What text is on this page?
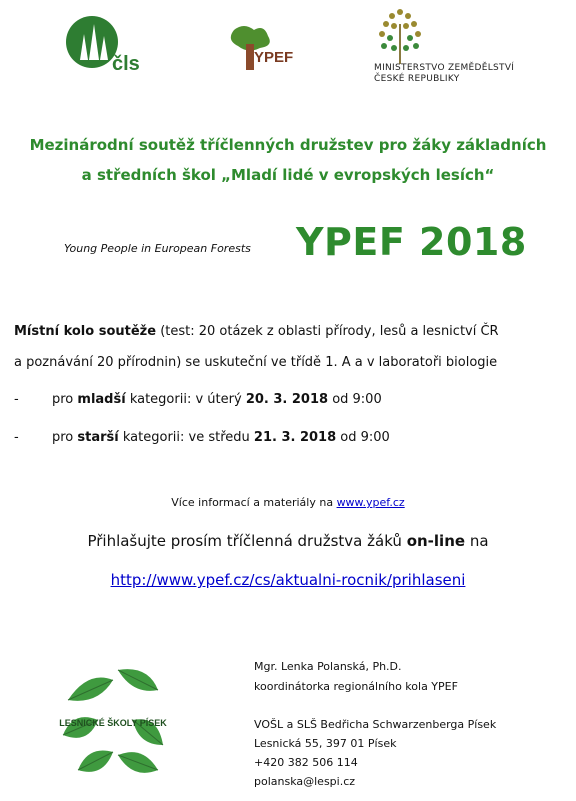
čls	YPEF
MINISTERSTVO ZEMĚDĚLSTVÍ
ČESKÉ REPUBLIKY
Mezinárodní soutěž tříčlenných družstev pro žáky základních
a středních škol „Mladí lidé v evropských lesích“
Young People in European Forests YPEF 2018
Místní kolo soutěže (test: 20 otázek z oblasti přírody, lesů a lesnictví ČR
a poznávání 20 přírodnin) se uskuteční ve třídě 1. A a v laboratoři biologie
-	pro mladší kategorii: v úterý 20. 3. 2018 od 9:00
-	pro starší kategorii: ve středu 21. 3. 2018 od 9:00
Více informací a materiály na www.ypef.cz
Přihlašujte prosím tříčlenná družstva žáků on-line na
http://www.ypef.cz/cs/aktualni-rocnik/prihlaseni
LESNICKÉ ŠKOLY PÍSEK
Mgr. Lenka Polanská, Ph.D.
koordinátorka regionálního kola YPEF
VOŠL a SLŠ Bedřicha Schwarzenberga Písek
Lesnická 55, 397 01 Písek
+420 382 506 114
polanska@lespi.cz
